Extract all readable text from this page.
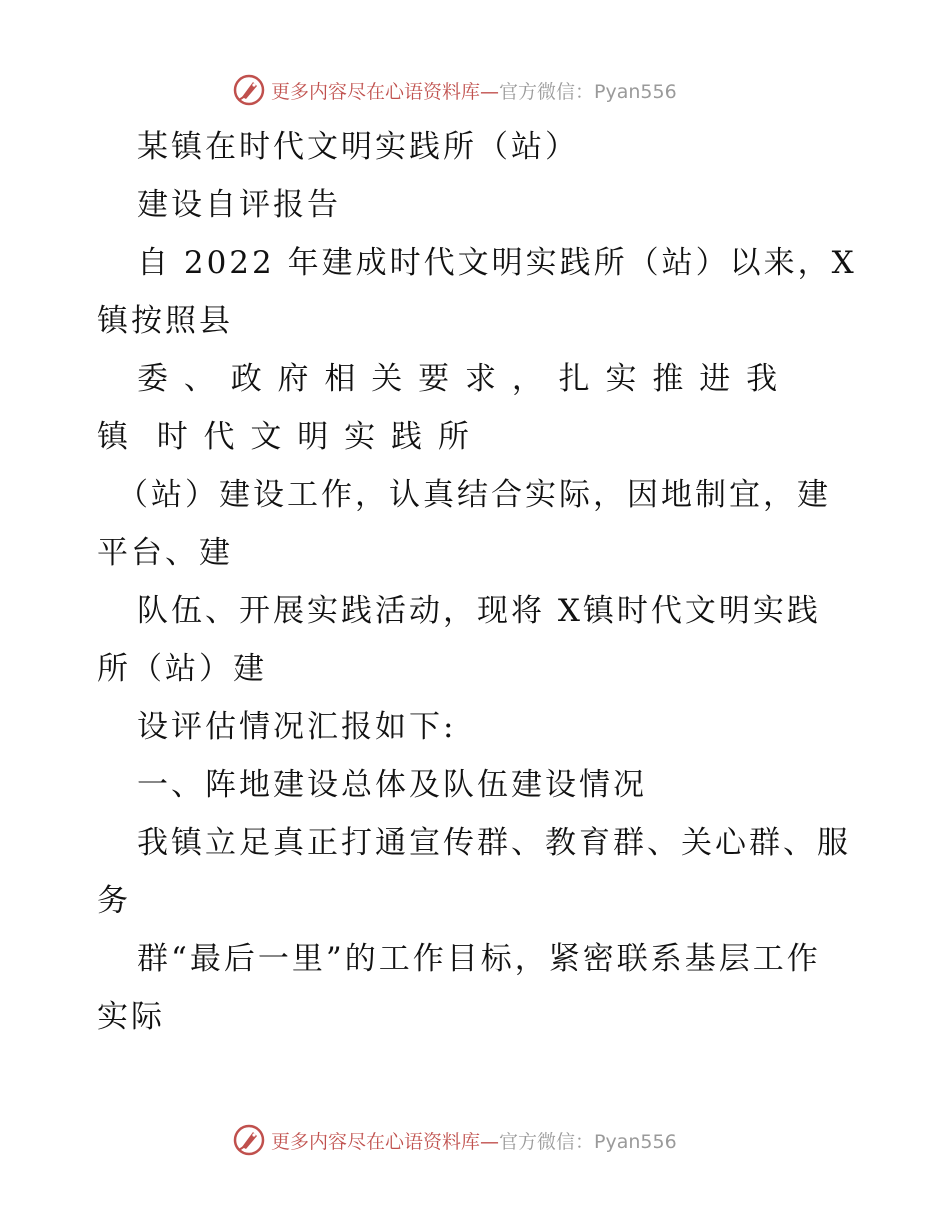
更多内容尽在心语资料库—官方微信：Pyan556
某镇在时代文明实践所（站）
建设自评报告
自 2022 年建成时代文明实践所（站）以来，X
镇按照县
委 、 政 府 相 关 要 求 ， 扎 实 推 进 我
镇  时 代 文 明 实 践 所
（站）建设工作，认真结合实际，因地制宜，建
平台、建
队伍、开展实践活动，现将 X镇时代文明实践
所（站）建
设评估情况汇报如下:
一、阵地建设总体及队伍建设情况
我镇立足真正打通宣传群、教育群、关心群、服
务
群“最后一里”的工作目标，紧密联系基层工作
实际
更多内容尽在心语资料库—官方微信：Pyan556
